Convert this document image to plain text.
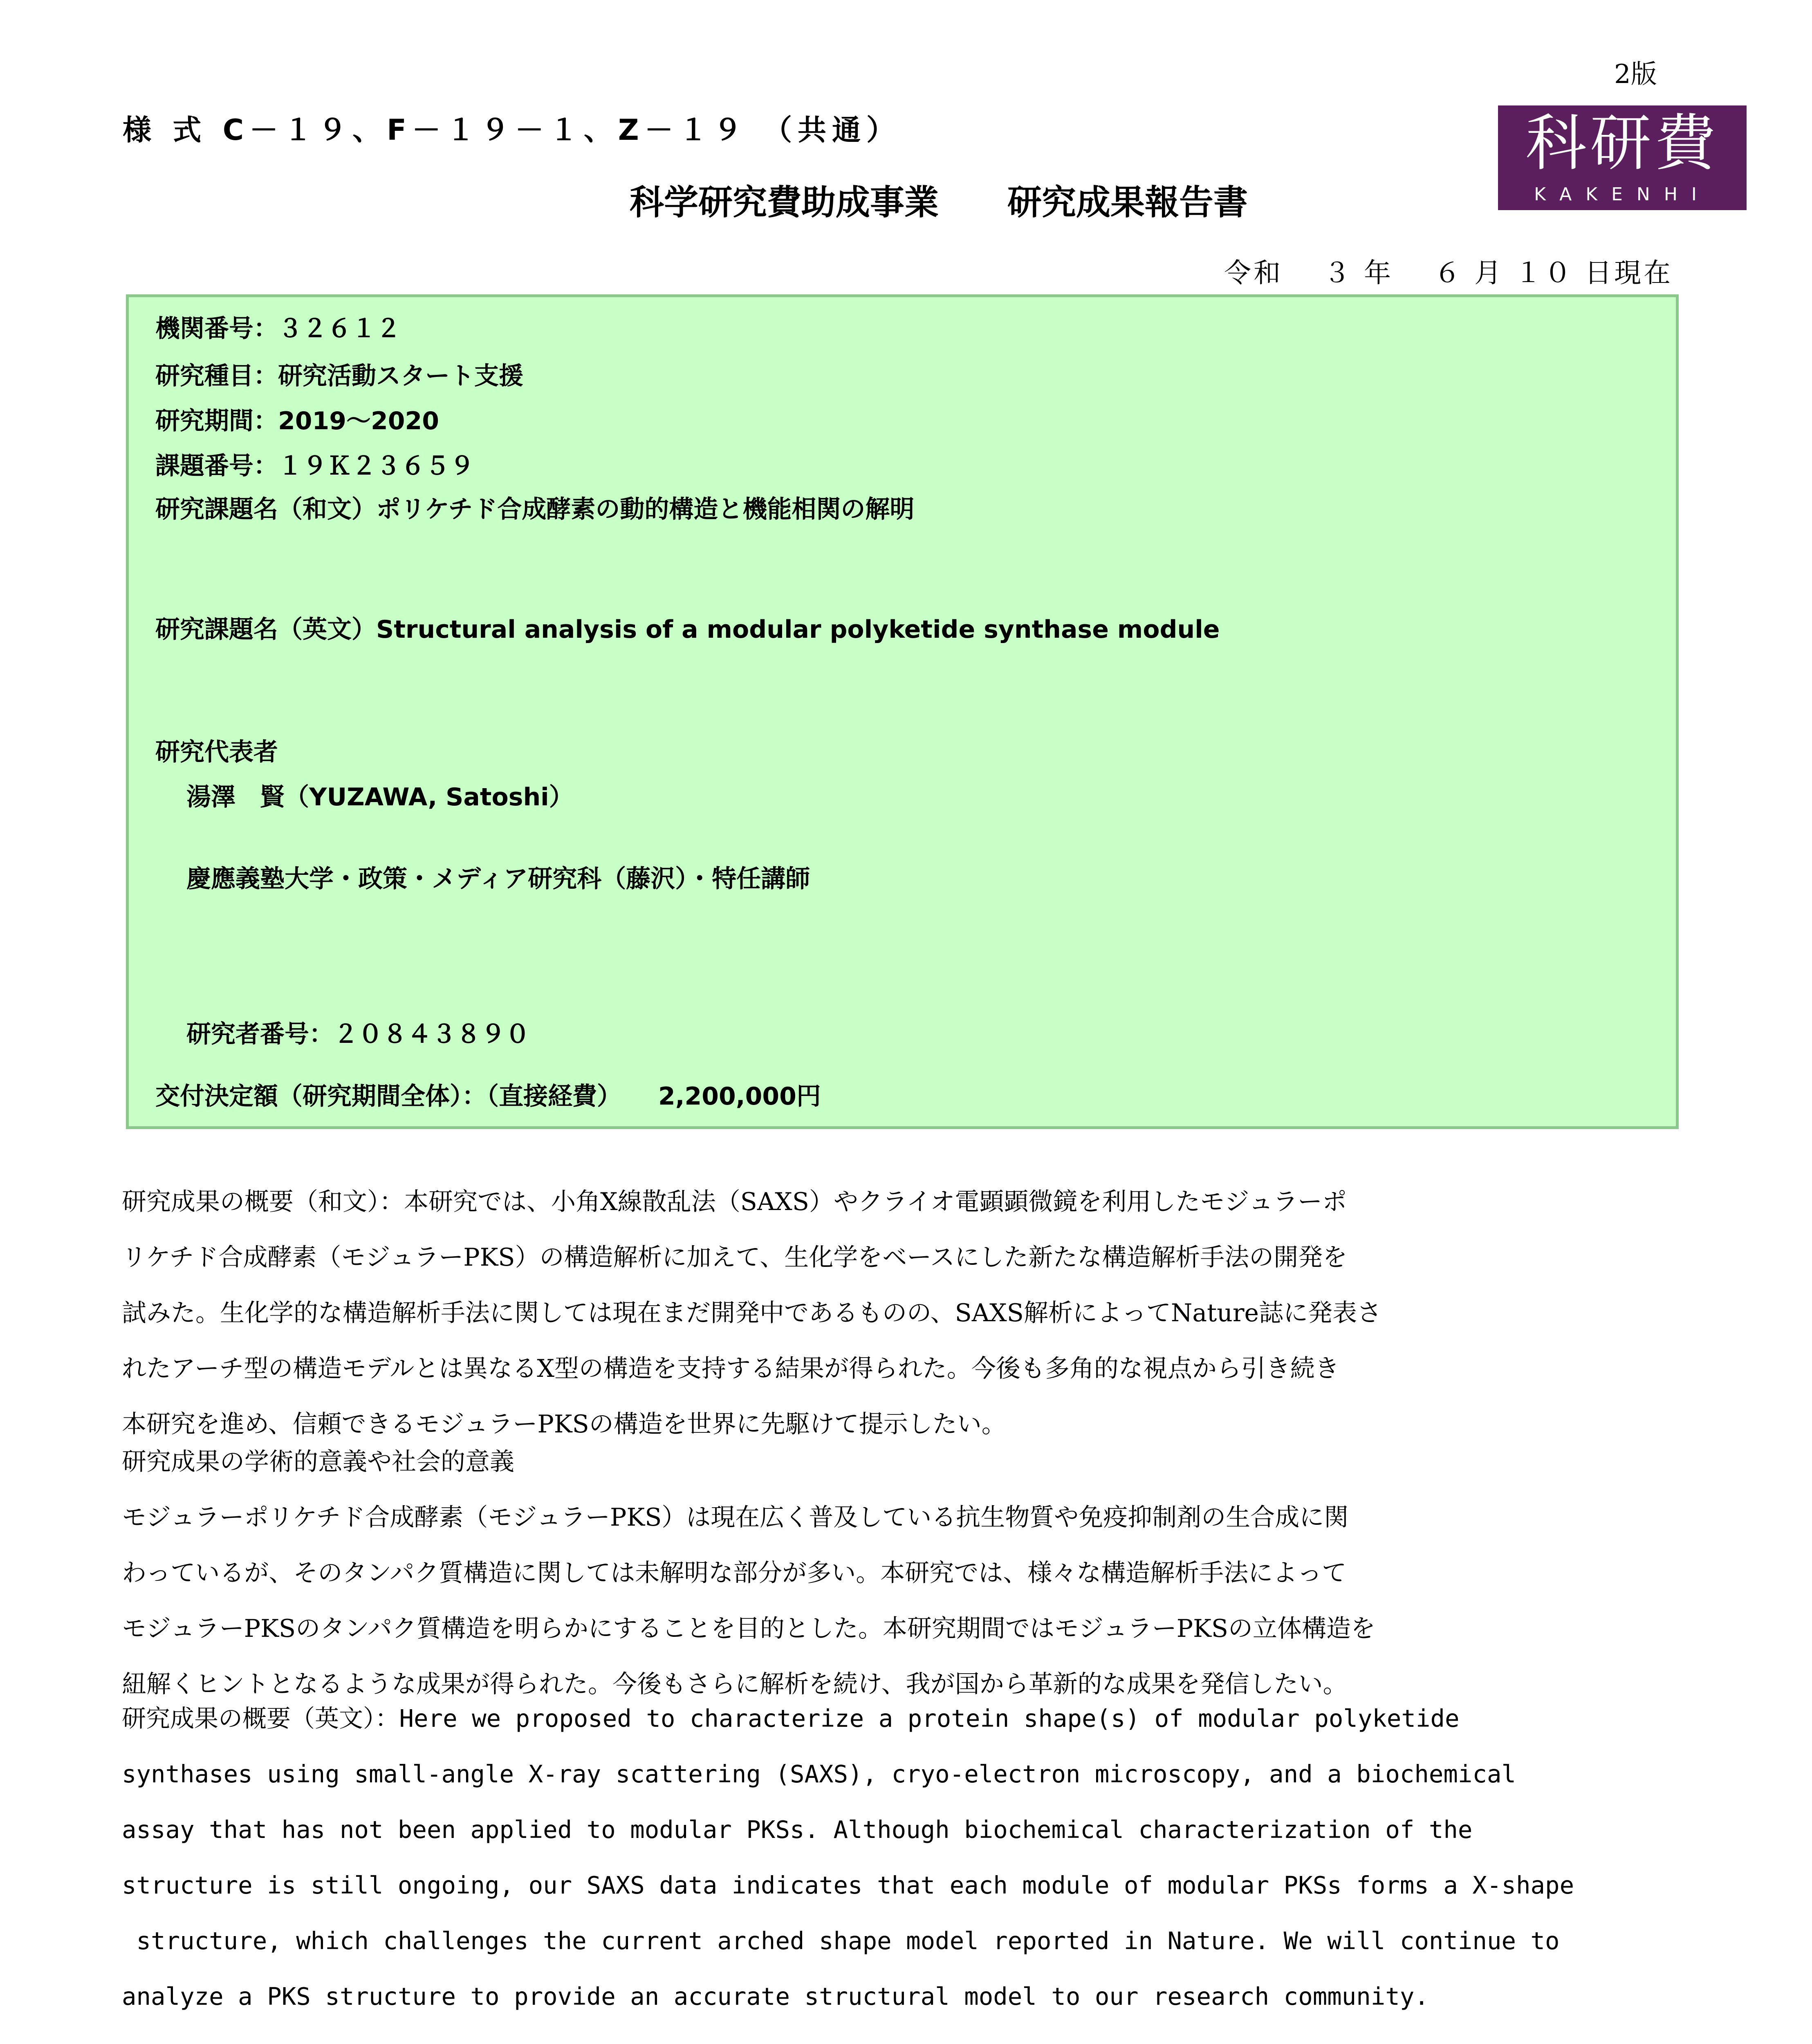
2版
様 式 C－１９、F－１９－１、Z－１９ （共通）	科研費
KAKENHI
科学研究費助成事業　　研究成果報告書
令和　 ３ 年　 ６ 月 １０ 日現在
機関番号：３２６１２
研究種目：研究活動スタート支援
研究期間：2019～2020
課題番号：１９Ｋ２３６５９
研究課題名（和文）ポリケチド合成酵素の動的構造と機能相関の解明
研究課題名（英文）Structural analysis of a modular polyketide synthase module
研究代表者
湯澤　賢（YUZAWA, Satoshi）
慶應義塾大学・政策・メディア研究科（藤沢）・特任講師
研究者番号：２０８４３８９０
交付決定額（研究期間全体）：（直接経費）　　2,200,000円

研究成果の概要（和文）：本研究では、小角X線散乱法（SAXS）やクライオ電顕顕微鏡を利用したモジュラーポ

リケチド合成酵素（モジュラーPKS）の構造解析に加えて、生化学をベースにした新たな構造解析手法の開発を

試みた。生化学的な構造解析手法に関しては現在まだ開発中であるものの、SAXS解析によってNature誌に発表さ

れたアーチ型の構造モデルとは異なるX型の構造を支持する結果が得られた。今後も多角的な視点から引き続き

本研究を進め、信頼できるモジュラーPKSの構造を世界に先駆けて提示したい。

研究成果の学術的意義や社会的意義

モジュラーポリケチド合成酵素（モジュラーPKS）は現在広く普及している抗生物質や免疫抑制剤の生合成に関

わっているが、そのタンパク質構造に関しては未解明な部分が多い。本研究では、様々な構造解析手法によって

モジュラーPKSのタンパク質構造を明らかにすることを目的とした。本研究期間ではモジュラーPKSの立体構造を

紐解くヒントとなるような成果が得られた。今後もさらに解析を続け、我が国から革新的な成果を発信したい。

研究成果の概要（英文）：Here we proposed to characterize a protein shape(s) of modular polyketide

synthases using small-angle X-ray scattering (SAXS), cryo-electron microscopy, and a biochemical

assay that has not been applied to modular PKSs. Although biochemical characterization of the

structure is still ongoing, our SAXS data indicates that each module of modular PKSs forms a X-shape

structure, which challenges the current arched shape model reported in Nature. We will continue to

analyze a PKS structure to provide an accurate structural model to our research community.
